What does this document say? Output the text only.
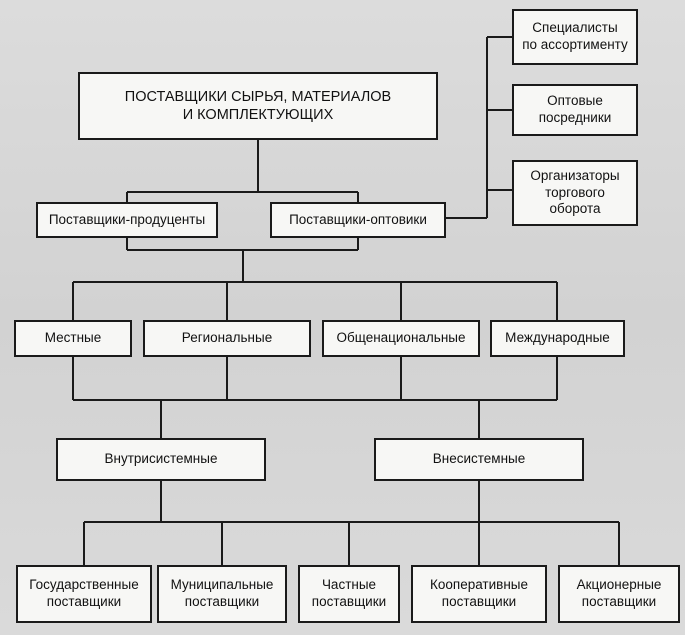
ПОСТАВЩИКИ СЫРЬЯ, МАТЕРИАЛОВ
И КОМПЛЕКТУЮЩИХ
Специалисты
по ассортименту
Оптовые
посредники
Организаторы
торгового
оборота
Поставщики-продуценты	Поставщики-оптовики
Местные	Региональные	Общенациональные	Международные
Внутрисистемные	Внесистемные
Государственные
поставщики
Муниципальные
поставщики
Частные
поставщики
Кооперативные
поставщики
Акционерные
поставщики
